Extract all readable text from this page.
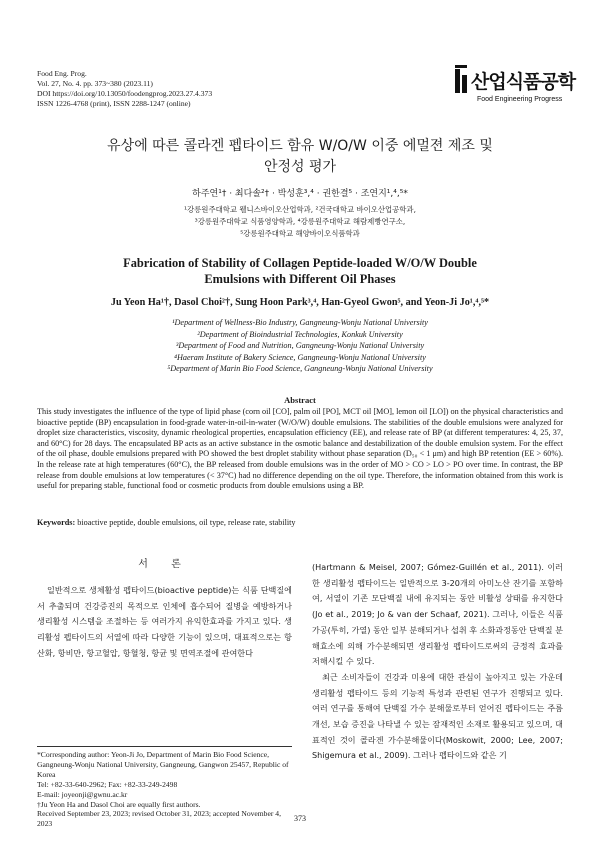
Food Eng. Prog.
Vol. 27, No. 4. pp. 373~380 (2023.11)
DOI https://doi.org/10.13050/foodengprog.2023.27.4.373
ISSN 1226-4768 (print), ISSN 2288-1247 (online)
산업식품공학
Food Engineering Progress
유상에 따른 콜라겐 펩타이드 함유 W/O/W 이중 에멀젼 제조 및
안정성 평가
하주연¹† · 최다솔²† · 박성훈³,⁴ · 권한결⁵ · 조연지¹,⁴,⁵*
¹강릉원주대학교 웰니스바이오산업학과, ²건국대학교 바이오산업공학과,
³강릉원주대학교 식품영양학과, ⁴강릉원주대학교 해람제빵연구소,
⁵강릉원주대학교 해양바이오식품학과
Fabrication of Stability of Collagen Peptide-loaded W/O/W Double
Emulsions with Different Oil Phases
Ju Yeon Ha¹†, Dasol Choi²†, Sung Hoon Park³,⁴, Han-Gyeol Gwon⁵, and Yeon-Ji Jo¹,⁴,⁵*
¹Department of Wellness-Bio Industry, Gangneung-Wonju National University
²Department of Bioindustrial Technologies, Konkuk University
³Department of Food and Nutrition, Gangneung-Wonju National University
⁴Haeram Institute of Bakery Science, Gangneung-Wonju National University
⁵Department of Marin Bio Food Science, Gangneung-Wonju National University
Abstract
This study investigates the influence of the type of lipid phase (corn oil [CO], palm oil [PO], MCT oil [MO], lemon oil [LO]) on the physical characteristics and bioactive peptide (BP) encapsulation in food-grade water-in-oil-in-water (W/O/W) double emulsions. The stabilities of the double emulsions were analyzed for droplet size characteristics, viscosity, dynamic rheological properties, encapsulation efficiency (EE), and release rate of BP (at different temperatures: 4, 25, 37, and 60°C) for 28 days. The encapsulated BP acts as an active substance in the osmotic balance and destabilization of the double emulsion system. For the effect of the oil phase, double emulsions prepared with PO showed the best droplet stability without phase separation (D₅₀ < 1 μm) and high BP retention (EE > 60%). In the release rate at high temperatures (60°C), the BP released from double emulsions was in the order of MO > CO > LO > PO over time. In contrast, the BP release from double emulsions at low temperatures (< 37°C) had no difference depending on the oil type. Therefore, the information obtained from this work is useful for preparing stable, functional food or cosmetic products from double emulsions using a BP.
Keywords: bioactive peptide, double emulsions, oil type, release rate, stability
서 론

일반적으로 생체활성 펩타이드(bioactive peptide)는 식품 단백질에서 추출되며 건강증진의 목적으로 인체에 흡수되어 질병을 예방하거나 생리활성 시스템을 조절하는 등 여러가지 유익한효과를 가지고 있다. 생리활성 펩타이드의 서열에 따라 다양한 기능이 있으며, 대표적으로는 항산화, 항비만, 항고혈압, 항혈청, 항균 및 면역조절에 관여한다

(Hartmann & Meisel, 2007; Gómez-Guillén et al., 2011). 이러한 생리활성 펩타이드는 일반적으로 3-20개의 아미노산 잔기를 포함하여, 서열이 기존 모단백질 내에 유지되는 동안 비활성 상태를 유지한다(Jo et al., 2019; Jo & van der Schaaf, 2021). 그러나, 이들은 식품 가공(투히, 가열) 동안 일부 분해되거나 섭취 후 소화과정동안 단백질 분해효소에 의해 가수분해되면 생리활성 펩타이드로써의 긍정적 효과를 저해시킬 수 있다.

최근 소비자들이 건강과 미용에 대한 관심이 높아지고 있는 가운데 생리활성 펩타이드 등의 기능적 특성과 관련된 연구가 진행되고 있다. 여러 연구를 통해여 단백질 가수 분해물로부터 얻어진 펩타이드는 주름 개선, 보습 증진을 나타낼 수 있는 잠재적인 소재로 활용되고 있으며, 대표적인 것이 콜라겐 가수분해물이다(Moskowit, 2000; Lee, 2007; Shigemura et al., 2009). 그러나 펩타이드와 같은 기

*Corresponding author: Yeon-Ji Jo, Department of Marin Bio Food Science, Gangneung-Wonju National University, Gangneung, Gangwon 25457, Republic of Korea
Tel: +82-33-640-2962; Fax: +82-33-249-2498
E-mail: joyeonji@gwnu.ac.kr
†Ju Yeon Ha and Dasol Choi are equally first authors.
Received September 23, 2023; revised October 31, 2023; accepted November 4, 2023
373
